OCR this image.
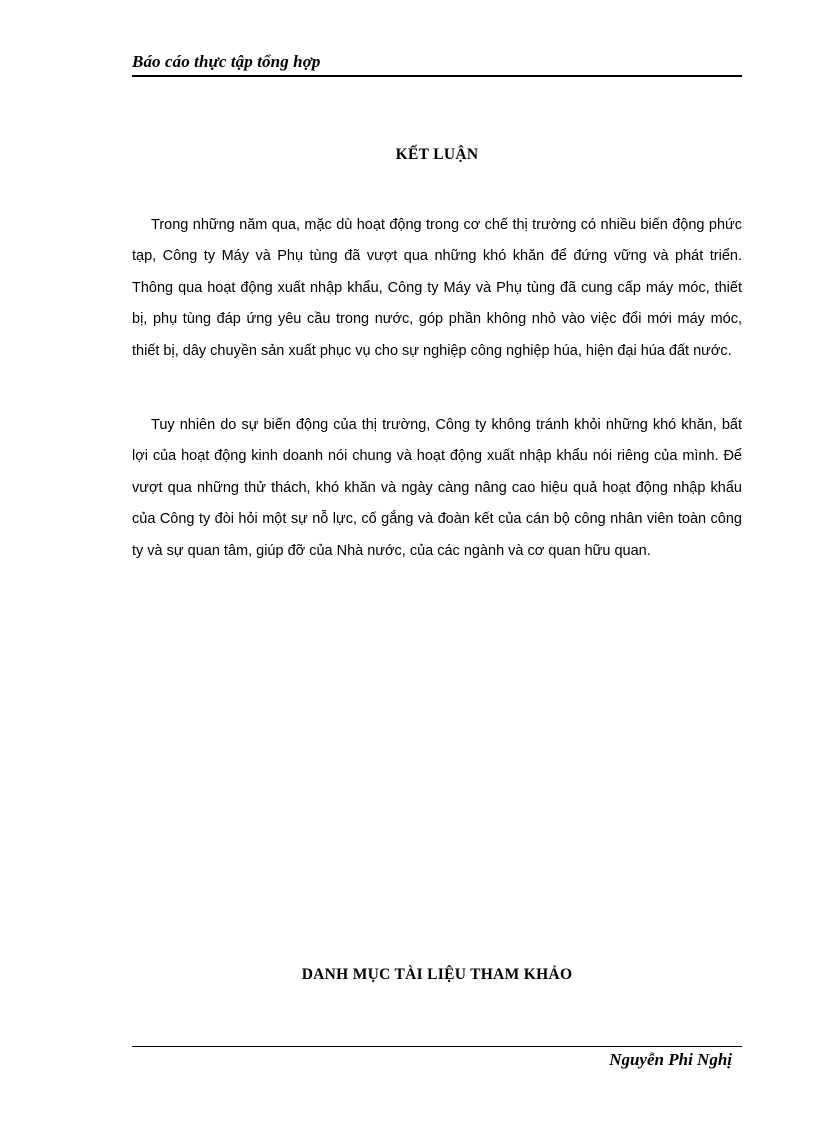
Báo cáo thực tập tổng hợp
KẾT LUẬN

Trong những năm qua, mặc dù hoạt động trong cơ chế thị trường có nhiều biến động phức tạp, Công ty Máy và Phụ tùng đã vượt qua những khó khăn để đứng vững và phát triển. Thông qua hoạt động xuất nhập khẩu, Công ty Máy và Phụ tùng đã cung cấp máy móc, thiết bị, phụ tùng đáp ứng yêu cầu trong nước, góp phần không nhỏ vào việc đổi mới máy móc, thiết bị, dây chuyền sản xuất phục vụ cho sự nghiệp công nghiệp húa, hiện đại húa đất nước.

Tuy nhiên do sự biến động của thị trường, Công ty không tránh khỏi những khó khăn, bất lợi của hoạt động kinh doanh nói chung và hoạt động xuất nhập khẩu nói riêng của mình. Để vượt qua những thử thách, khó khăn và ngày càng nâng cao hiệu quả hoạt động nhập khẩu của Công ty đòi hỏi một sự nỗ lực, cố gắng và đoàn kết của cán bộ công nhân viên toàn công ty và sự quan tâm, giúp đỡ của Nhà nước, của các ngành và cơ quan hữu quan.

DANH MỤC TÀI LIỆU THAM KHẢO
Nguyễn Phi Nghị
